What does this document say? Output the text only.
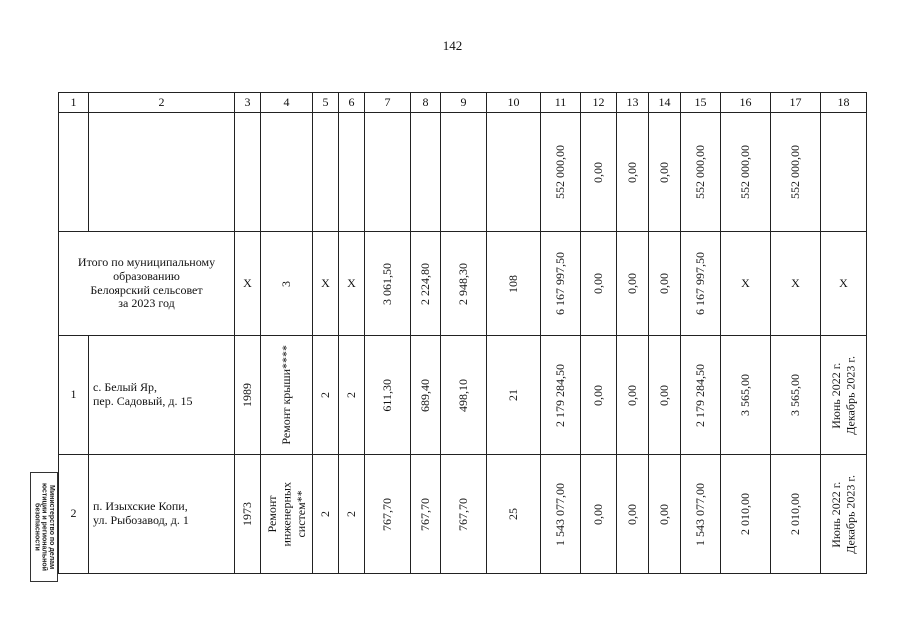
142
1	2	3	4	5	6	7	8	9	10	11	12	13	14	15	16	17	18

										552 000,00	0,00	0,00	0,00	552 000,00	552 000,00	552 000,00	

Итого по муниципальному
образованию
Белоярский сельсовет
за 2023 год		X	3	X	X	3 061,50	2 224,80	2 948,30	108	6 167 997,50	0,00	0,00	0,00	6 167 997,50	X	X	X
1	с. Белый Яр,
пер. Садовый, д. 15	1989	Ремонт крыши****	2	2	611,30	689,40	498,10	21	2 179 284,50	0,00	0,00	0,00	2 179 284,50	3 565,00	3 565,00	Июнь 2022 г.
Декабрь 2023 г.

2	п. Изыхские Копи,
ул. Рыбозавод, д. 1	1973	Ремонт
инженерных
систем**	2	2	767,70	767,70	767,70	25	1 543 077,00	0,00	0,00	0,00	1 543 077,00	2 010,00	2 010,00	Июнь 2022 г.
Декабрь 2023 г.
Министерство по делам
юстиции и региональной
безопасности
